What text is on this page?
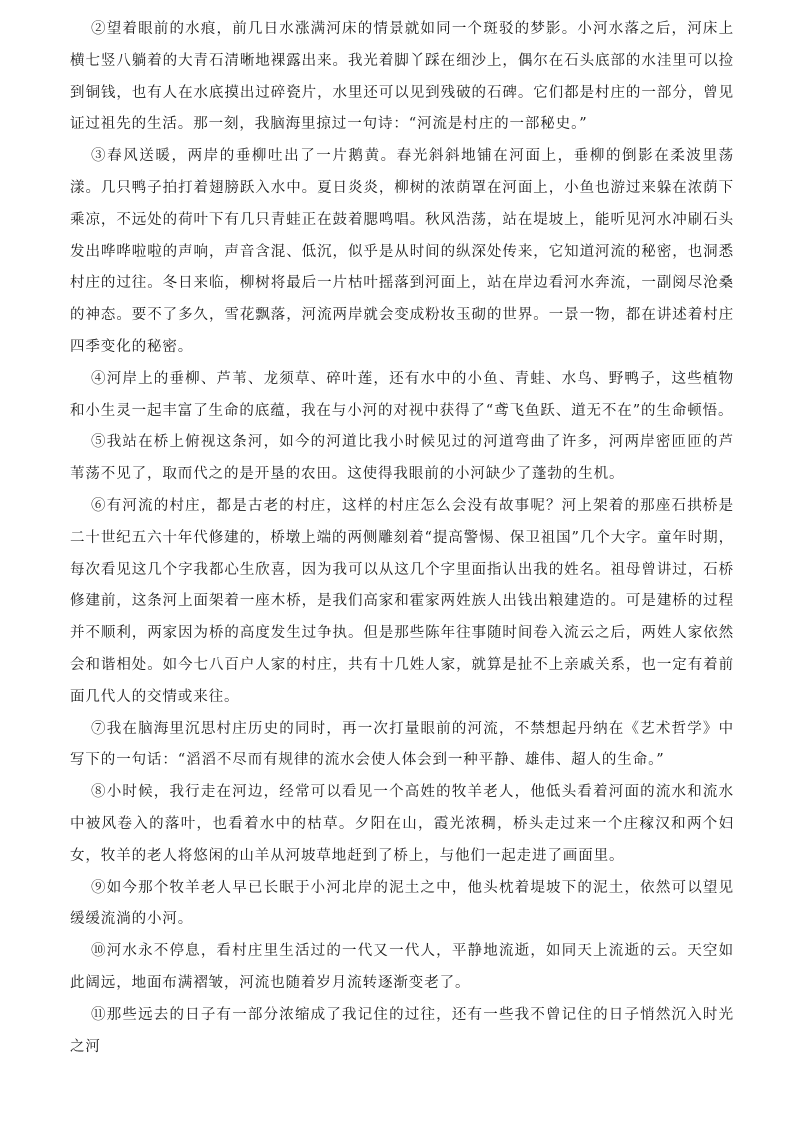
②望着眼前的水痕，前几日水涨满河床的情景就如同一个斑驳的梦影。小河水落之后，河床上横七竖八躺着的大青石清晰地裸露出来。我光着脚丫踩在细沙上，偶尔在石头底部的水洼里可以捡到铜钱，也有人在水底摸出过碎瓷片，水里还可以见到残破的石碑。它们都是村庄的一部分，曾见证过祖先的生活。那一刻，我脑海里掠过一句诗：“河流是村庄的一部秘史。”

③春风送暖，两岸的垂柳吐出了一片鹅黄。春光斜斜地铺在河面上，垂柳的倒影在柔波里荡漾。几只鸭子拍打着翅膀跃入水中。夏日炎炎，柳树的浓荫罩在河面上，小鱼也游过来躲在浓荫下乘凉，不远处的荷叶下有几只青蛙正在鼓着腮鸣唱。秋风浩荡，站在堤坡上，能听见河水冲刷石头发出哗哗啦啦的声响，声音含混、低沉，似乎是从时间的纵深处传来，它知道河流的秘密，也洞悉村庄的过往。冬日来临，柳树将最后一片枯叶摇落到河面上，站在岸边看河水奔流，一副阅尽沧桑的神态。要不了多久，雪花飘落，河流两岸就会变成粉妆玉砌的世界。一景一物，都在讲述着村庄四季变化的秘密。

④河岸上的垂柳、芦苇、龙须草、碎叶莲，还有水中的小鱼、青蛙、水鸟、野鸭子，这些植物和小生灵一起丰富了生命的底蕴，我在与小河的对视中获得了“鸢飞鱼跃、道无不在”的生命顿悟。

⑤我站在桥上俯视这条河，如今的河道比我小时候见过的河道弯曲了许多，河两岸密匝匝的芦苇荡不见了，取而代之的是开垦的农田。这使得我眼前的小河缺少了蓬勃的生机。

⑥有河流的村庄，都是古老的村庄，这样的村庄怎么会没有故事呢？河上架着的那座石拱桥是二十世纪五六十年代修建的，桥墩上端的两侧雕刻着“提高警惕、保卫祖国”几个大字。童年时期，每次看见这几个字我都心生欣喜，因为我可以从这几个字里面指认出我的姓名。祖母曾讲过，石桥修建前，这条河上面架着一座木桥，是我们高家和霍家两姓族人出钱出粮建造的。可是建桥的过程并不顺利，两家因为桥的高度发生过争执。但是那些陈年往事随时间卷入流云之后，两姓人家依然会和谐相处。如今七八百户人家的村庄，共有十几姓人家，就算是扯不上亲戚关系，也一定有着前面几代人的交情或来往。

⑦我在脑海里沉思村庄历史的同时，再一次打量眼前的河流，不禁想起丹纳在《艺术哲学》中写下的一句话：“滔滔不尽而有规律的流水会使人体会到一种平静、雄伟、超人的生命。”

⑧小时候，我行走在河边，经常可以看见一个高姓的牧羊老人，他低头看着河面的流水和流水中被风卷入的落叶，也看着水中的枯草。夕阳在山，霞光浓稠，桥头走过来一个庄稼汉和两个妇女，牧羊的老人将悠闲的山羊从河坡草地赶到了桥上，与他们一起走进了画面里。

⑨如今那个牧羊老人早已长眠于小河北岸的泥土之中，他头枕着堤坡下的泥土，依然可以望见缓缓流淌的小河。

⑩河水永不停息，看村庄里生活过的一代又一代人，平静地流逝，如同天上流逝的云。天空如此阔远，地面布满褶皱，河流也随着岁月流转逐渐变老了。

⑪那些远去的日子有一部分浓缩成了我记住的过往，还有一些我不曾记住的日子悄然沉入时光之河
